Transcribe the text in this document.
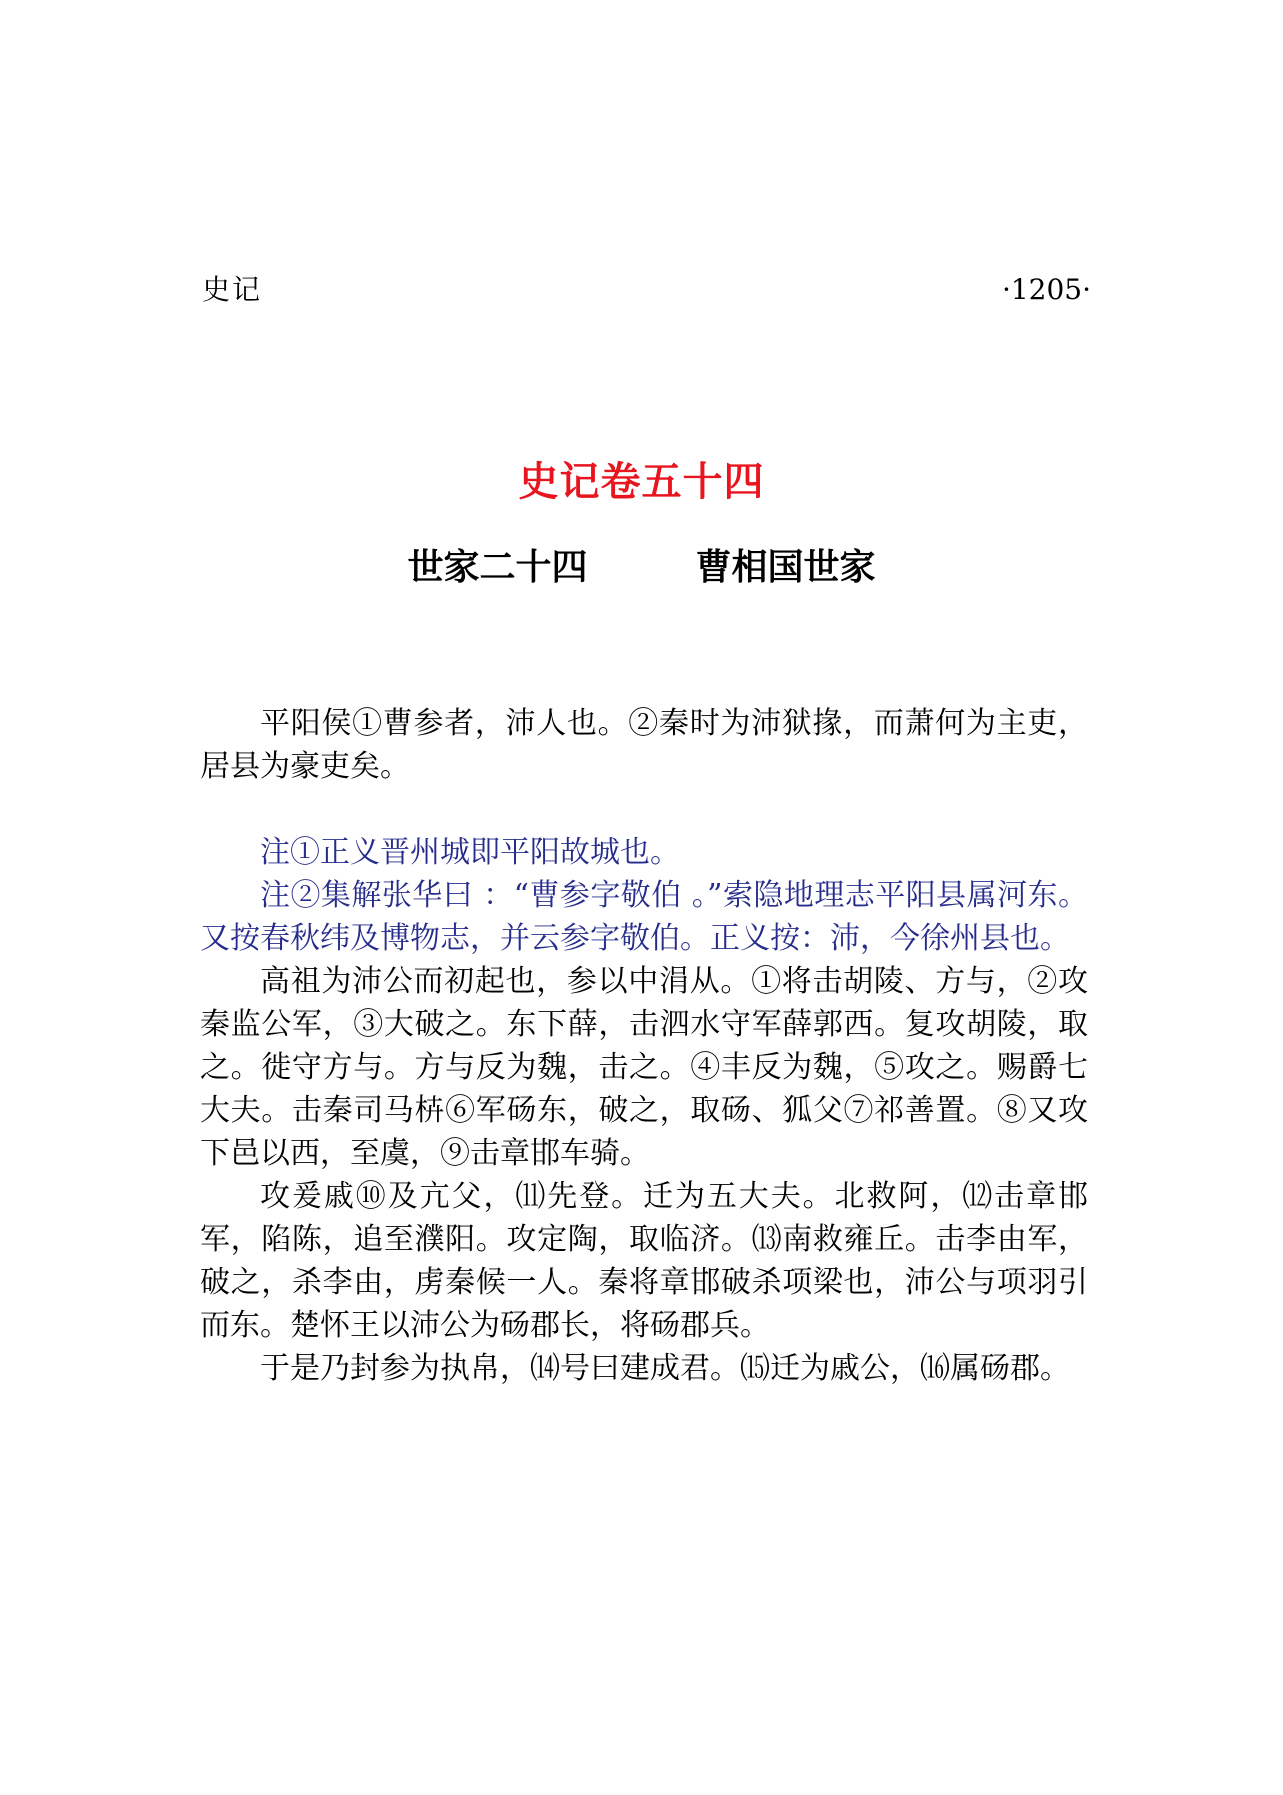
史记	·1205·
史记卷五十四
世家二十四　　　曹相国世家

平阳侯①曹参者，沛人也。②秦时为沛狱掾，而萧何为主吏，居县为豪吏矣。

注①正义晋州城即平阳故城也。

注②集解张华曰 ：“曹参字敬伯 。”索隐地理志平阳县属河东。又按春秋纬及博物志，并云参字敬伯。正义按：沛，今徐州县也。

高祖为沛公而初起也，参以中涓从。①将击胡陵、方与，②攻秦监公军，③大破之。东下薛，击泗水守军薛郭西。复攻胡陵，取之。徙守方与。方与反为魏，击之。④丰反为魏，⑤攻之。赐爵七大夫。击秦司马枿⑥军砀东，破之，取砀、狐父⑦祁善置。⑧又攻下邑以西，至虞，⑨击章邯车骑。

攻爰戚⑩及亢父，⑾先登。迁为五大夫。北救阿，⑿击章邯军，陷陈，追至濮阳。攻定陶，取临济。⒀南救雍丘。击李由军，破之，杀李由，虏秦候一人。秦将章邯破杀项梁也，沛公与项羽引而东。楚怀王以沛公为砀郡长，将砀郡兵。

于是乃封参为执帛，⒁号曰建成君。⒂迁为戚公，⒃属砀郡。
